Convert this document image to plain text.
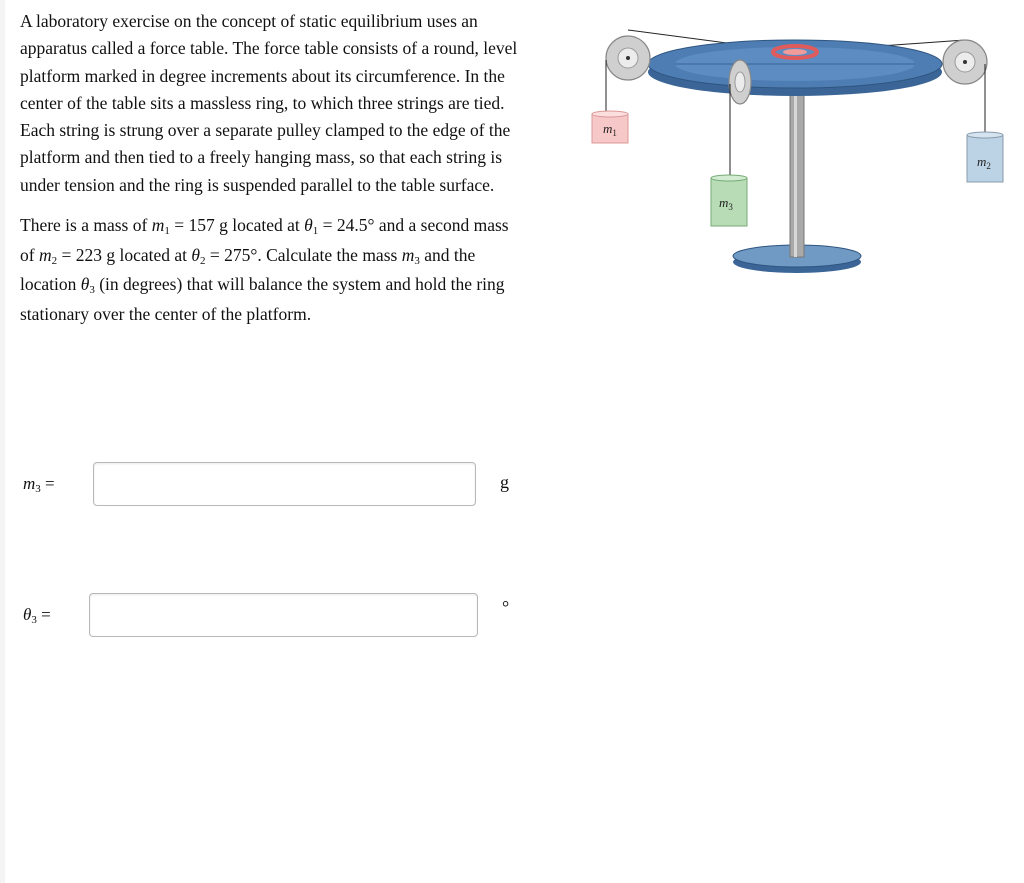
A laboratory exercise on the concept of static equilibrium uses an apparatus called a force table. The force table consists of a round, level platform marked in degree increments about its circumference. In the center of the table sits a massless ring, to which three strings are tied. Each string is strung over a separate pulley clamped to the edge of the platform and then tied to a freely hanging mass, so that each string is under tension and the ring is suspended parallel to the table surface.

There is a mass of $m_1 = 157$ g located at $\theta_1 = 24.5^\circ$ and a second mass of $m_2 = 223$ g located at $\theta_2 = 275^\circ$. Calculate the mass $m_3$ and the location $\theta_3$ (in degrees) that will balance the system and hold the ring stationary over the center of the platform.

$m_3$ =	g
$\theta_3$ =	°
$m_1$
$m_2$
$m_3$
